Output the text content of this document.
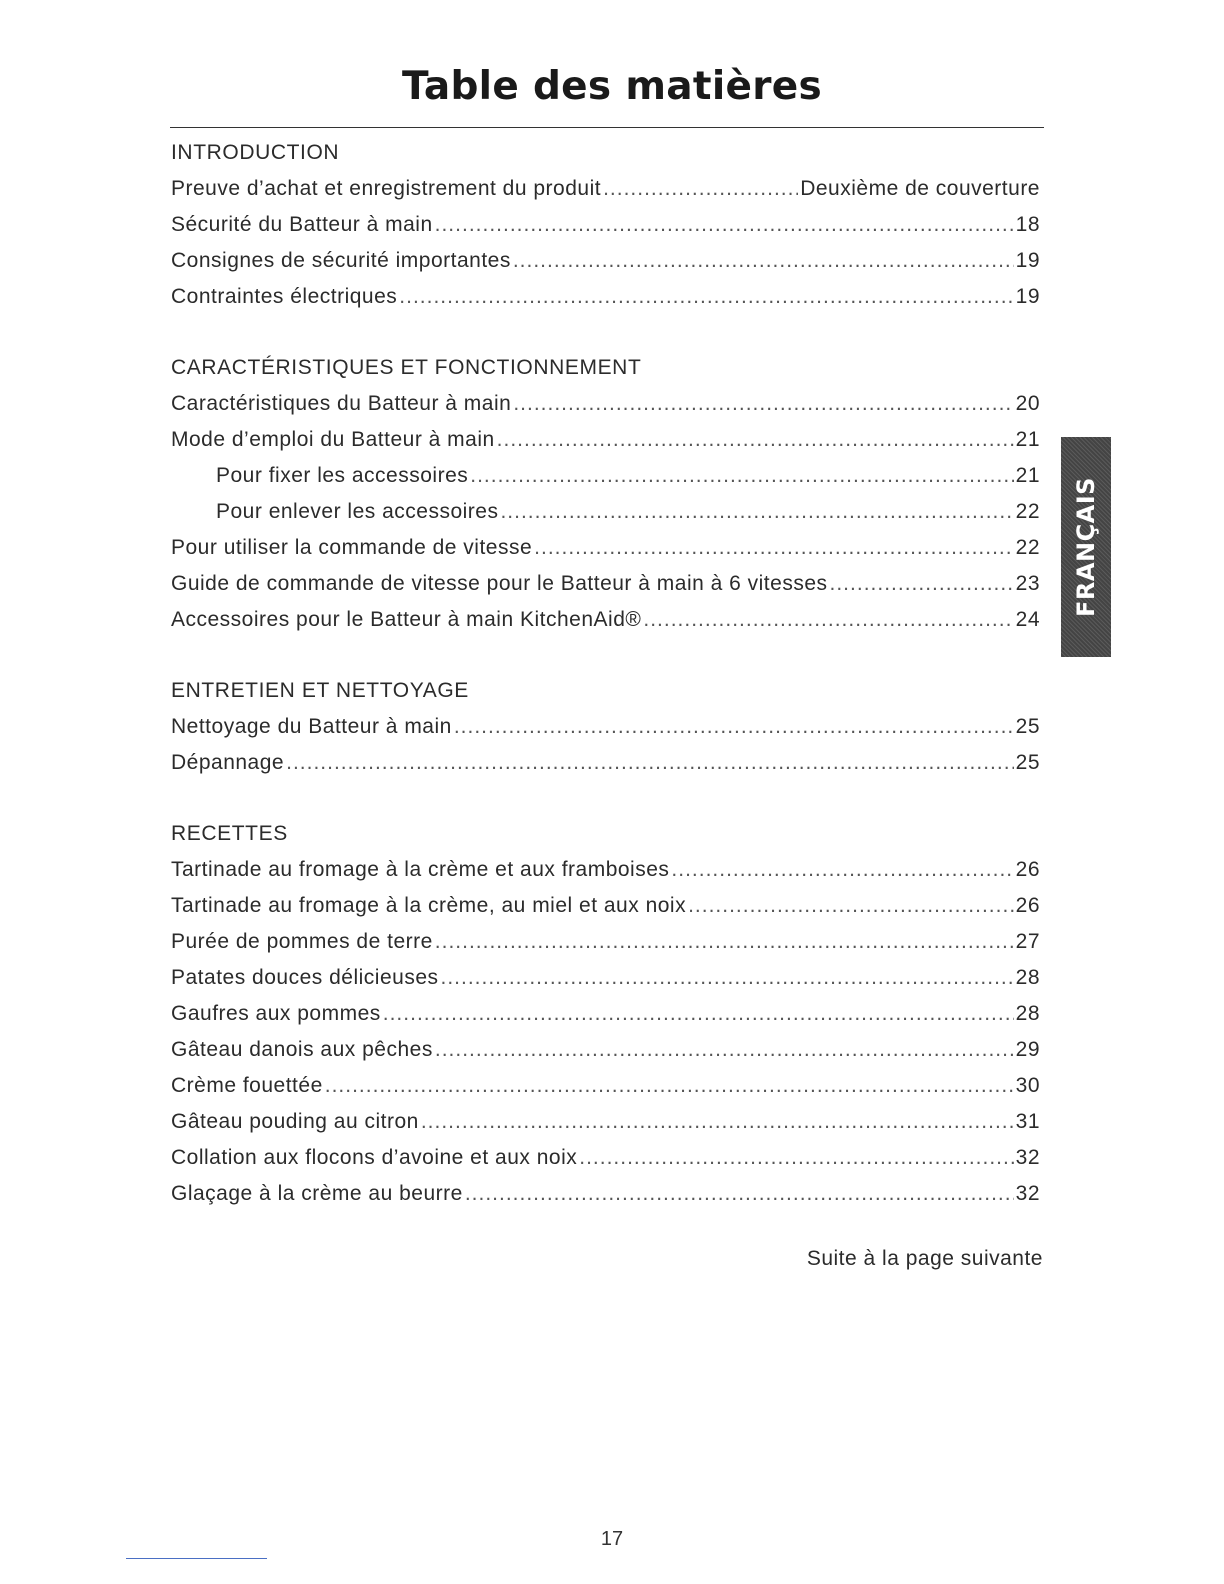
Table des matières
INTRODUCTION
Preuve d’achat et enregistrement du produit .....	Deuxième de couverture
Sécurité du Batteur à main .....	18
Consignes de sécurité importantes .....	19
Contraintes électriques .....	19
CARACTÉRISTIQUES ET FONCTIONNEMENT
Caractéristiques du Batteur à main .....	20
Mode d’emploi du Batteur à main .....	21
Pour fixer les accessoires .....	21
Pour enlever les accessoires .....	22
Pour utiliser la commande de vitesse .....	22
Guide de commande de vitesse pour le Batteur à main à 6 vitesses .....	23
Accessoires pour le Batteur à main KitchenAid® .....	24
ENTRETIEN ET NETTOYAGE
Nettoyage du Batteur à main .....	25
Dépannage .....	25
RECETTES
Tartinade au fromage à la crème et aux framboises .....	26
Tartinade au fromage à la crème, au miel et aux noix .....	26
Purée de pommes de terre .....	27
Patates douces délicieuses .....	28
Gaufres aux pommes .....	28
Gâteau danois aux pêches .....	29
Crème fouettée .....	30
Gâteau pouding au citron .....	31
Collation aux flocons d’avoine et aux noix .....	32
Glaçage à la crème au beurre .....	32
Suite à la page suivante
FRANÇAIS
17
